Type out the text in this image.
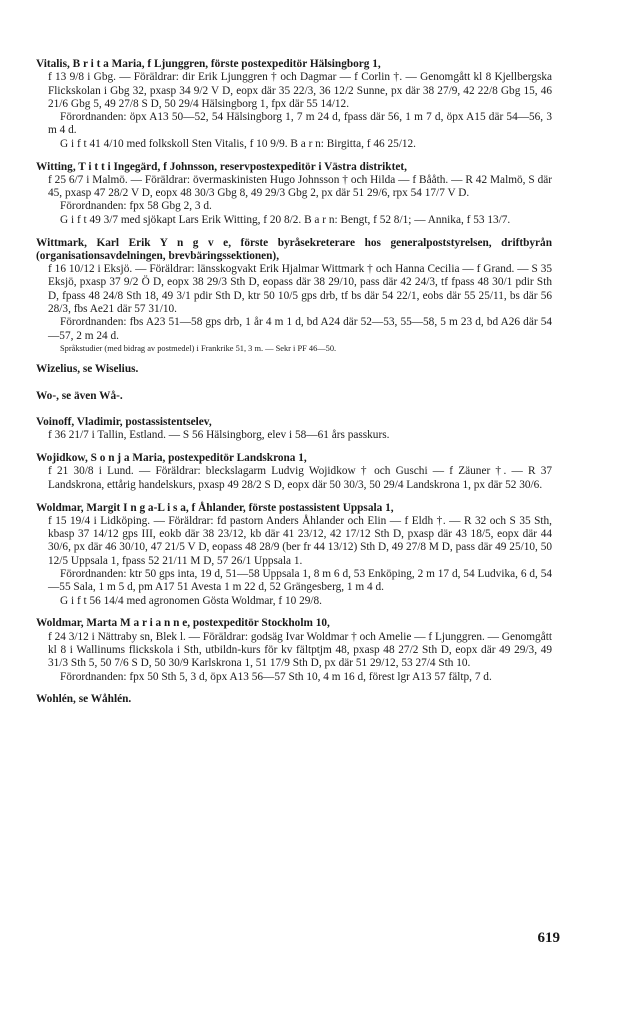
Vitalis, B r i t a Maria, f Ljunggren, förste postexpeditör Hälsingborg 1,

f 13 9/8 i Gbg. — Föräldrar: dir Erik Ljunggren † och Dagmar — f Corlin †. — Genomgått kl 8 Kjellbergska Flickskolan i Gbg 32, pxasp 34 9/2 V D, eopx där 35 22/3, 36 12/2 Sunne, px där 38 27/9, 42 22/8 Gbg 15, 46 21/6 Gbg 5, 49 27/8 S D, 50 29/4 Hälsingborg 1, fpx där 55 14/12.

Förordnanden: öpx A13 50—52, 54 Hälsingborg 1, 7 m 24 d, fpass där 56, 1 m 7 d, öpx A15 där 54—56, 3 m 4 d.

G i f t 41 4/10 med folkskoll Sten Vitalis, f 10 9/9. B a r n: Birgitta, f 46 25/12.

Witting, T i t t i Ingegärd, f Johnsson, reservpostexpeditör i Västra distriktet,

f 25 6/7 i Malmö. — Föräldrar: övermaskinisten Hugo Johnsson † och Hilda — f Bååth. — R 42 Malmö, S där 45, pxasp 47 28/2 V D, eopx 48 30/3 Gbg 8, 49 29/3 Gbg 2, px där 51 29/6, rpx 54 17/7 V D.

Förordnanden: fpx 58 Gbg 2, 3 d.

G i f t 49 3/7 med sjökapt Lars Erik Witting, f 20 8/2. B a r n: Bengt, f 52 8/1; — Annika, f 53 13/7.

Wittmark, Karl Erik Y n g v e, förste byråsekreterare hos generalpoststyrelsen, driftbyrån (organisationsavdelningen, brevbäringssektionen),

f 16 10/12 i Eksjö. — Föräldrar: länsskogvakt Erik Hjalmar Wittmark † och Hanna Cecilia — f Grand. — S 35 Eksjö, pxasp 37 9/2 Ö D, eopx 38 29/3 Sth D, eopass där 38 29/10, pass där 42 24/3, tf fpass 48 30/1 pdir Sth D, fpass 48 24/8 Sth 18, 49 3/1 pdir Sth D, ktr 50 10/5 gps drb, tf bs där 54 22/1, eobs där 55 25/11, bs där 56 28/3, fbs Ae21 där 57 31/10.

Förordnanden: fbs A23 51—58 gps drb, 1 år 4 m 1 d, bd A24 där 52—53, 55—58, 5 m 23 d, bd A26 där 54—57, 2 m 24 d.

Språkstudier (med bidrag av postmedel) i Frankrike 51, 3 m. — Sekr i PF 46—50.

Wizelius, se Wiselius.
Wo-, se även Wå-.
Voinoff, Vladimir, postassistentselev,

f 36 21/7 i Tallin, Estland. — S 56 Hälsingborg, elev i 58—61 års passkurs.

Wojidkow, S o n j a Maria, postexpeditör Landskrona 1,

f 21 30/8 i Lund. — Föräldrar: bleckslagarm Ludvig Wojidkow † och Guschi — f Zäuner †. — R 37 Landskrona, ettårig handelskurs, pxasp 49 28/2 S D, eopx där 50 30/3, 50 29/4 Landskrona 1, px där 52 30/6.

Woldmar, Margit I n g a-L i s a, f Åhlander, förste postassistent Uppsala 1,

f 15 19/4 i Lidköping. — Föräldrar: fd pastorn Anders Åhlander och Elin — f Eldh †. — R 32 och S 35 Sth, kbasp 37 14/12 gps III, eokb där 38 23/12, kb där 41 23/12, 42 17/12 Sth D, pxasp där 43 18/5, eopx där 44 30/6, px där 46 30/10, 47 21/5 V D, eopass 48 28/9 (ber fr 44 13/12) Sth D, 49 27/8 M D, pass där 49 25/10, 50 12/5 Uppsala 1, fpass 52 21/11 M D, 57 26/1 Uppsala 1.

Förordnanden: ktr 50 gps inta, 19 d, 51—58 Uppsala 1, 8 m 6 d, 53 Enköping, 2 m 17 d, 54 Ludvika, 6 d, 54—55 Sala, 1 m 5 d, pm A17 51 Avesta 1 m 22 d, 52 Grängesberg, 1 m 4 d.

G i f t 56 14/4 med agronomen Gösta Woldmar, f 10 29/8.

Woldmar, Marta M a r i a n n e, postexpeditör Stockholm 10,

f 24 3/12 i Nättraby sn, Blek l. — Föräldrar: godsäg Ivar Woldmar † och Amelie — f Ljunggren. — Genomgått kl 8 i Wallinums flickskola i Sth, utbildn-kurs för kv fältptjm 48, pxasp 48 27/2 Sth D, eopx där 49 29/3, 49 31/3 Sth 5, 50 7/6 S D, 50 30/9 Karlskrona 1, 51 17/9 Sth D, px där 51 29/12, 53 27/4 Sth 10.

Förordnanden: fpx 50 Sth 5, 3 d, öpx A13 56—57 Sth 10, 4 m 16 d, förest lgr A13 57 fältp, 7 d.

Wohlén, se Wåhlén.
619
